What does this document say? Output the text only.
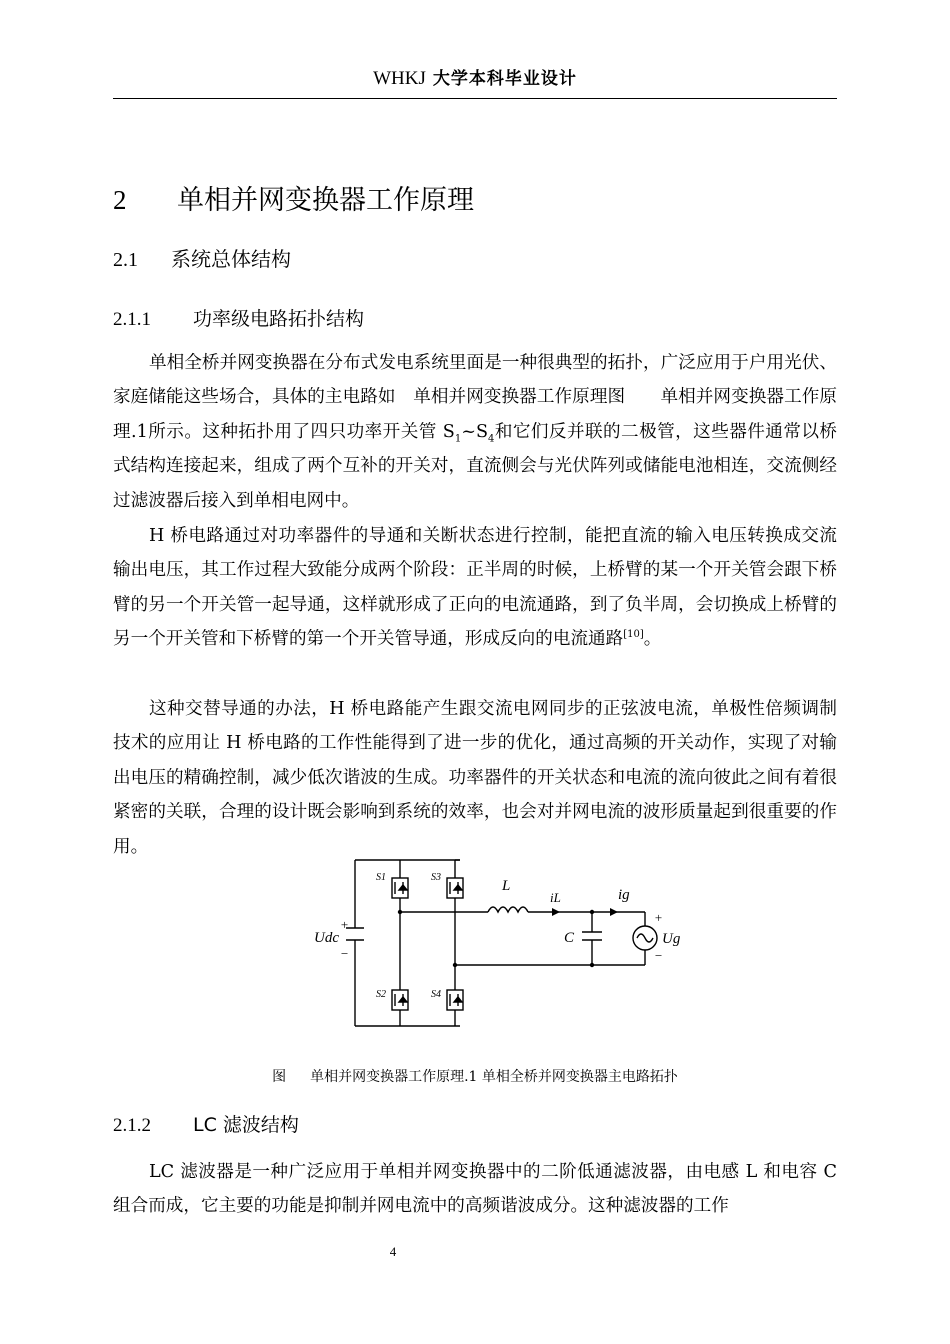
WHKJ 大学本科毕业设计
2 单相并网变换器工作原理
2.1 系统总体结构
2.1.1 功率级电路拓扑结构

单相全桥并网变换器在分布式发电系统里面是一种很典型的拓扑，广泛应用于户用光伏、家庭储能这些场合，具体的主电路如　单相并网变换器工作原理图　　单相并网变换器工作原理.1所示。这种拓扑用了四只功率开关管 $S_1\sim S_4$和它们反并联的二极管，这些器件通常以桥式结构连接起来，组成了两个互补的开关对，直流侧会与光伏阵列或储能电池相连，交流侧经过滤波器后接入到单相电网中。

H 桥电路通过对功率器件的导通和关断状态进行控制，能把直流的输入电压转换成交流输出电压，其工作过程大致能分成两个阶段：正半周的时候，上桥臂的某一个开关管会跟下桥臂的另一个开关管一起导通，这样就形成了正向的电流通路，到了负半周，会切换成上桥臂的另一个开关管和下桥臂的第一个开关管导通，形成反向的电流通路[10]。

这种交替导通的办法，H 桥电路能产生跟交流电网同步的正弦波电流，单极性倍频调制技术的应用让 H 桥电路的工作性能得到了进一步的优化，通过高频的开关动作，实现了对输出电压的精确控制，减少低次谐波的生成。功率器件的开关状态和电流的流向彼此之间有着很紧密的关联，合理的设计既会影响到系统的效率，也会对并网电流的波形质量起到很重要的作用。

S1	S3
S2	S4
L
iL	ig
C
Udc	Ug
+
−
+
−
图 单相并网变换器工作原理.1 单相全桥并网变换器主电路拓扑
2.1.2 LC 滤波结构

LC 滤波器是一种广泛应用于单相并网变换器中的二阶低通滤波器，由电感 L 和电容 C 组合而成，它主要的功能是抑制并网电流中的高频谐波成分。这种滤波器的工作

4
